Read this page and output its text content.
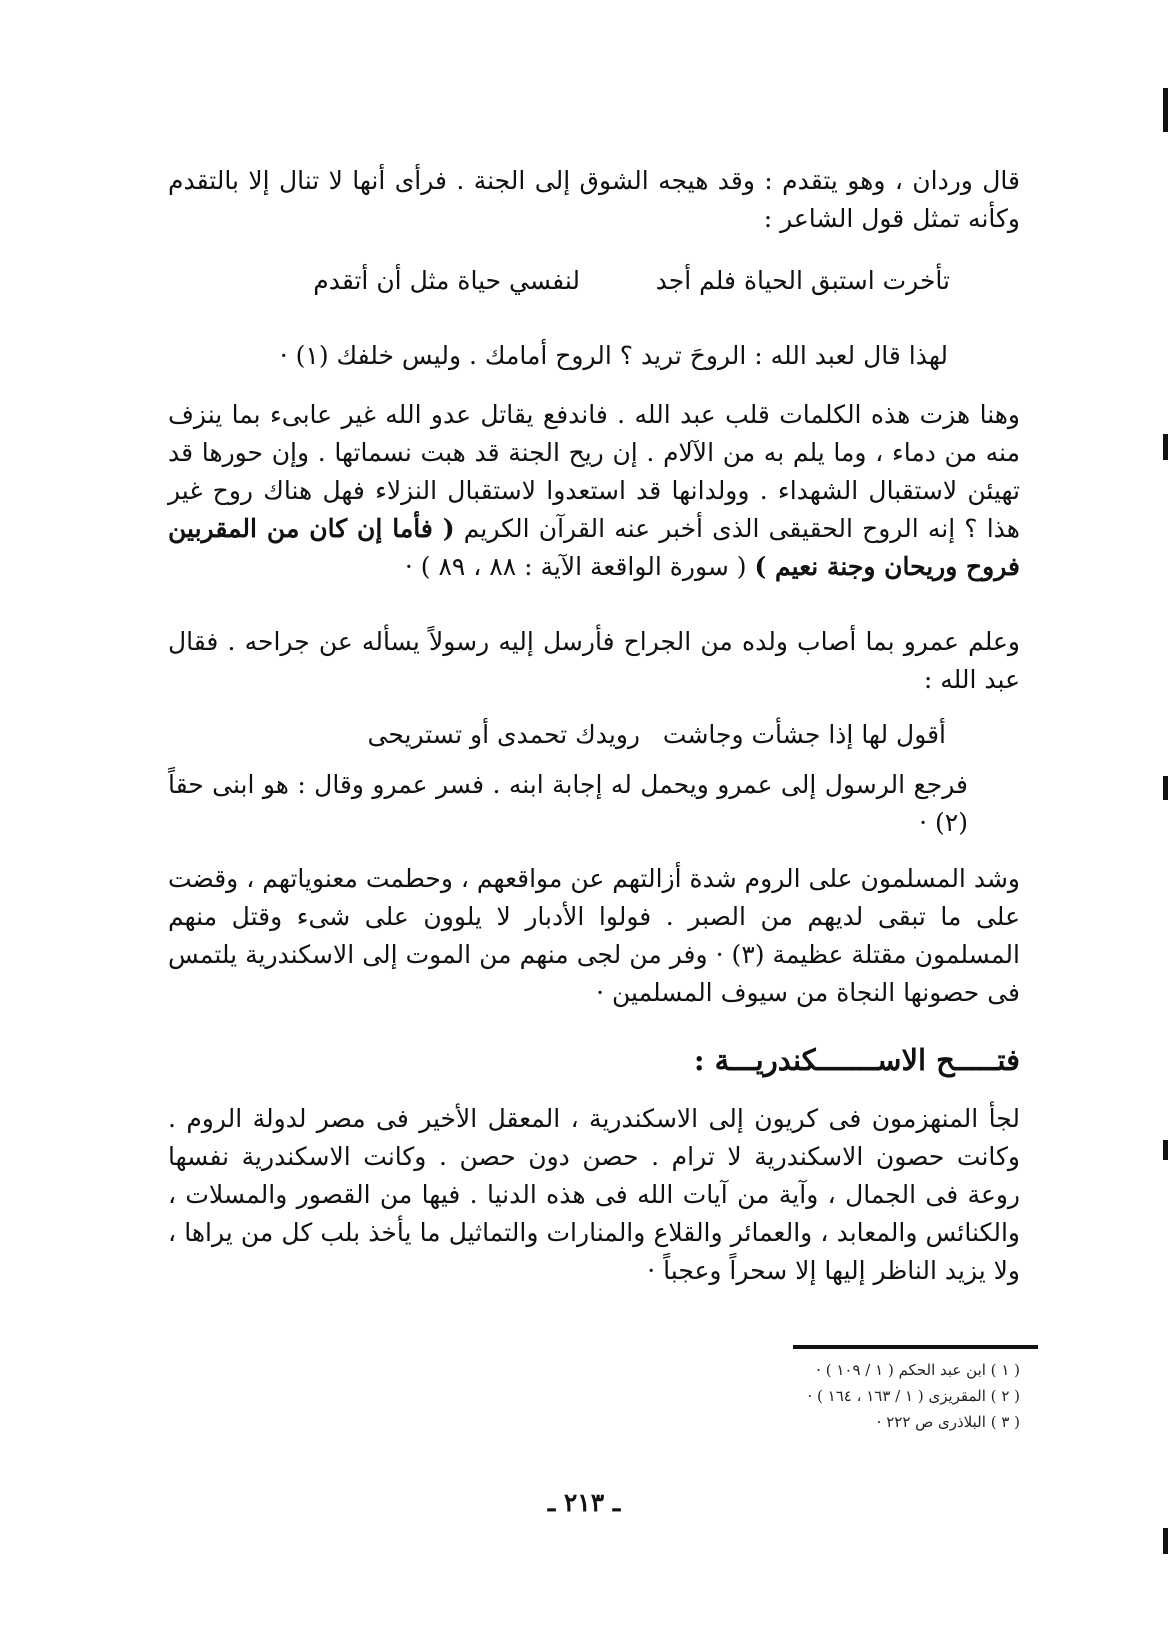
قال وردان ، وهو يتقدم : وقد هيجه الشوق إلى الجنة . فرأى أنها لا تنال إلا بالتقدم وكأنه تمثل قول الشاعر :
تأخرت استبق الحياة فلم أجد
لنفسي حياة مثل أن أتقدم
لهذا قال لعبد الله : الروحَ تريد ؟ الروح أمامك . وليس خلفك (١) ·
وهنا هزت هذه الكلمات قلب عبد الله . فاندفع يقاتل عدو الله غير عابىء بما ينزف منه من دماء ، وما يلم به من الآلام . إن ريح الجنة قد هبت نسماتها . وإن حورها قد تهيئن لاستقبال الشهداء . وولدانها قد استعدوا لاستقبال النزلاء فهل هناك روح غير هذا ؟ إنه الروح الحقيقى الذى أخبر عنه القرآن الكريم ( فأما إن كان من المقربين فروح وريحان وجنة نعيم ) ( سورة الواقعة الآية : ٨٨ ، ٨٩ ) ·
وعلم عمرو بما أصاب ولده من الجراح فأرسل إليه رسولاً يسأله عن جراحه . فقال عبد الله :
أقول لها إذا جشأت وجاشت
رويدك تحمدى أو تستريحى
فرجع الرسول إلى عمرو ويحمل له إجابة ابنه . فسر عمرو وقال : هو ابنى حقاً (٢) ·
وشد المسلمون على الروم شدة أزالتهم عن مواقعهم ، وحطمت معنوياتهم ، وقضت على ما تبقى لديهم من الصبر . فولوا الأدبار لا يلوون على شىء وقتل منهم المسلمون مقتلة عظيمة (٣) · وفر من لجى منهم من الموت إلى الاسكندرية يلتمس فى حصونها النجاة من سيوف المسلمين ·
فتـــــح الاســـــــكندريـــة :
لجأ المنهزمون فى كريون إلى الاسكندرية ، المعقل الأخير فى مصر لدولة الروم . وكانت حصون الاسكندرية لا ترام . حصن دون حصن . وكانت الاسكندرية نفسها روعة فى الجمال ، وآية من آيات الله فى هذه الدنيا . فيها من القصور والمسلات ، والكنائس والمعابد ، والعمائر والقلاع والمنارات والتماثيل ما يأخذ بلب كل من يراها ، ولا يزيد الناظر إليها إلا سحراً وعجباً ·
( ١ ) ابن عبد الحكم ( ١ / ١٠٩ ) ·
( ٢ ) المقريزى ( ١ / ١٦٣ ، ١٦٤ ) ·
( ٣ ) البلاذرى ص ٢٢٢ ·
ـ ٢١٣ ـ
